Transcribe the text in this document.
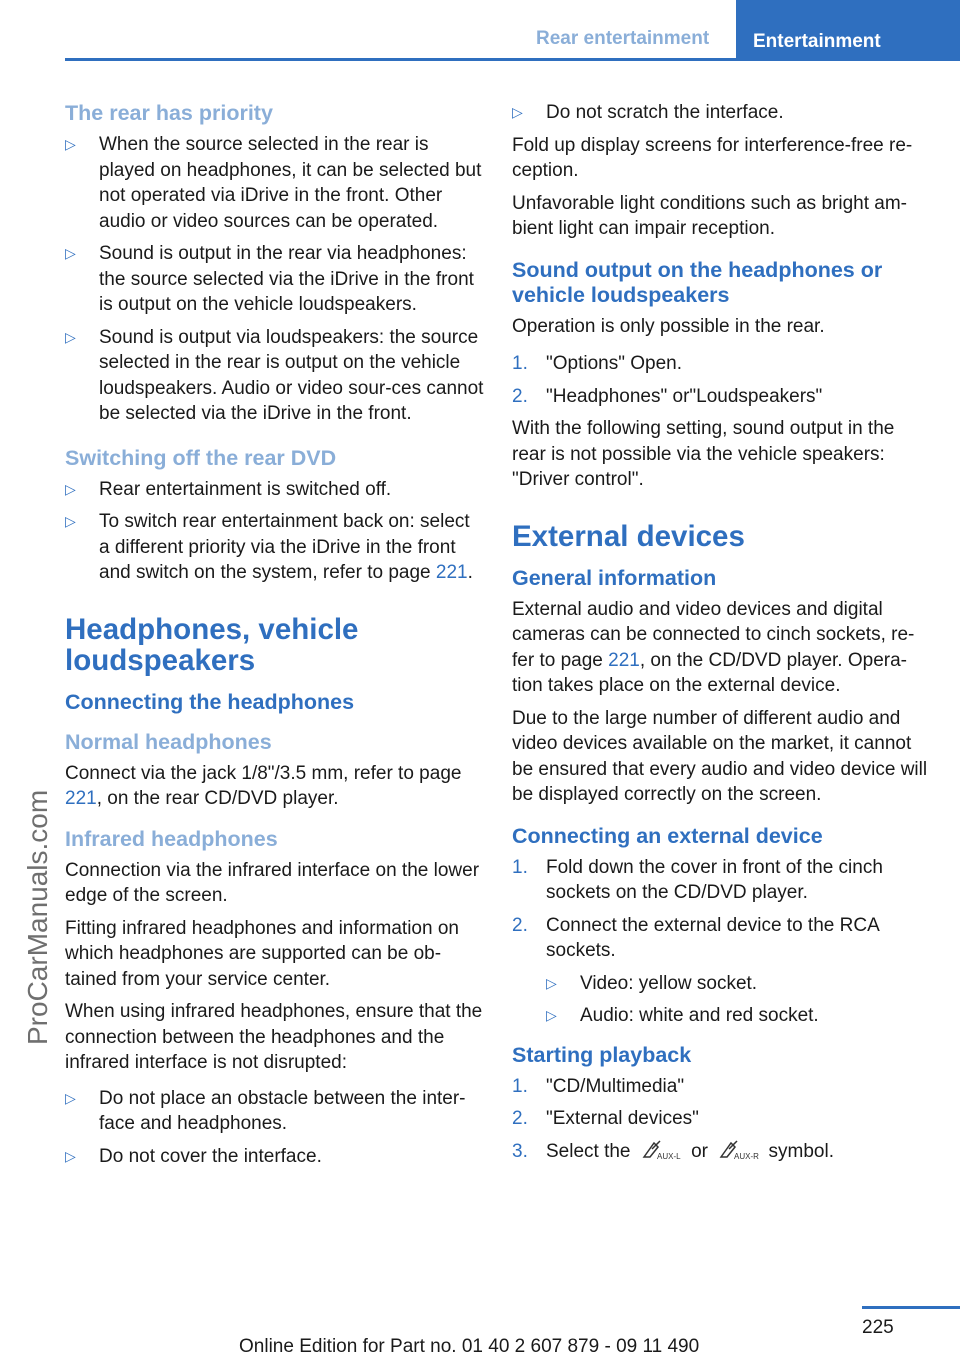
Rear entertainment Entertainment
ProCarManuals.com
The rear has priority
▷ When the source selected in the rear is played on headphones, it can be selected but not operated via iDrive in the front. Other audio or video sources can be operated.
▷ Sound is output in the rear via headphones: the source selected via the iDrive in the front is output on the vehicle loudspeakers.
▷ Sound is output via loudspeakers: the source selected in the rear is output on the vehicle loudspeakers. Audio or video sour-ces cannot be selected via the iDrive in the front.
Switching off the rear DVD
▷ Rear entertainment is switched off.
▷ To switch rear entertainment back on: select a different priority via the iDrive in the front and switch on the system, refer to page 221.
Headphones, vehicle loudspeakers
Connecting the headphones
Normal headphones

Connect via the jack 1/8"/3.5 mm, refer to page 221, on the rear CD/DVD player.

Infrared headphones

Connection via the infrared interface on the lower edge of the screen.

Fitting infrared headphones and information on which headphones are supported can be ob-tained from your service center.

When using infrared headphones, ensure that the connection between the headphones and the infrared interface is not disrupted:

▷ Do not place an obstacle between the inter-face and headphones.
▷ Do not cover the interface.
▷ Do not scratch the interface.

Fold up display screens for interference-free re-ception.

Unfavorable light conditions such as bright am-bient light can impair reception.

Sound output on the headphones or vehicle loudspeakers

Operation is only possible in the rear.

1. "Options" Open.
2. "Headphones" or"Loudspeakers"

With the following setting, sound output in the rear is not possible via the vehicle speakers: "Driver control".

External devices
General information

External audio and video devices and digital cameras can be connected to cinch sockets, re-fer to page 221, on the CD/DVD player. Opera-tion takes place on the external device.

Due to the large number of different audio and video devices available on the market, it cannot be ensured that every audio and video device will be displayed correctly on the screen.

Connecting an external device
1. Fold down the cover in front of the cinch sockets on the CD/DVD player.
2. Connect the external device to the RCA sockets.
▷ Video: yellow socket.
▷ Audio: white and red socket.
Starting playback
1. "CD/Multimedia"
2. "External devices"
3. Select the	AUX-L or	AUX-R symbol.
225
Online Edition for Part no. 01 40 2 607 879 - 09 11 490
